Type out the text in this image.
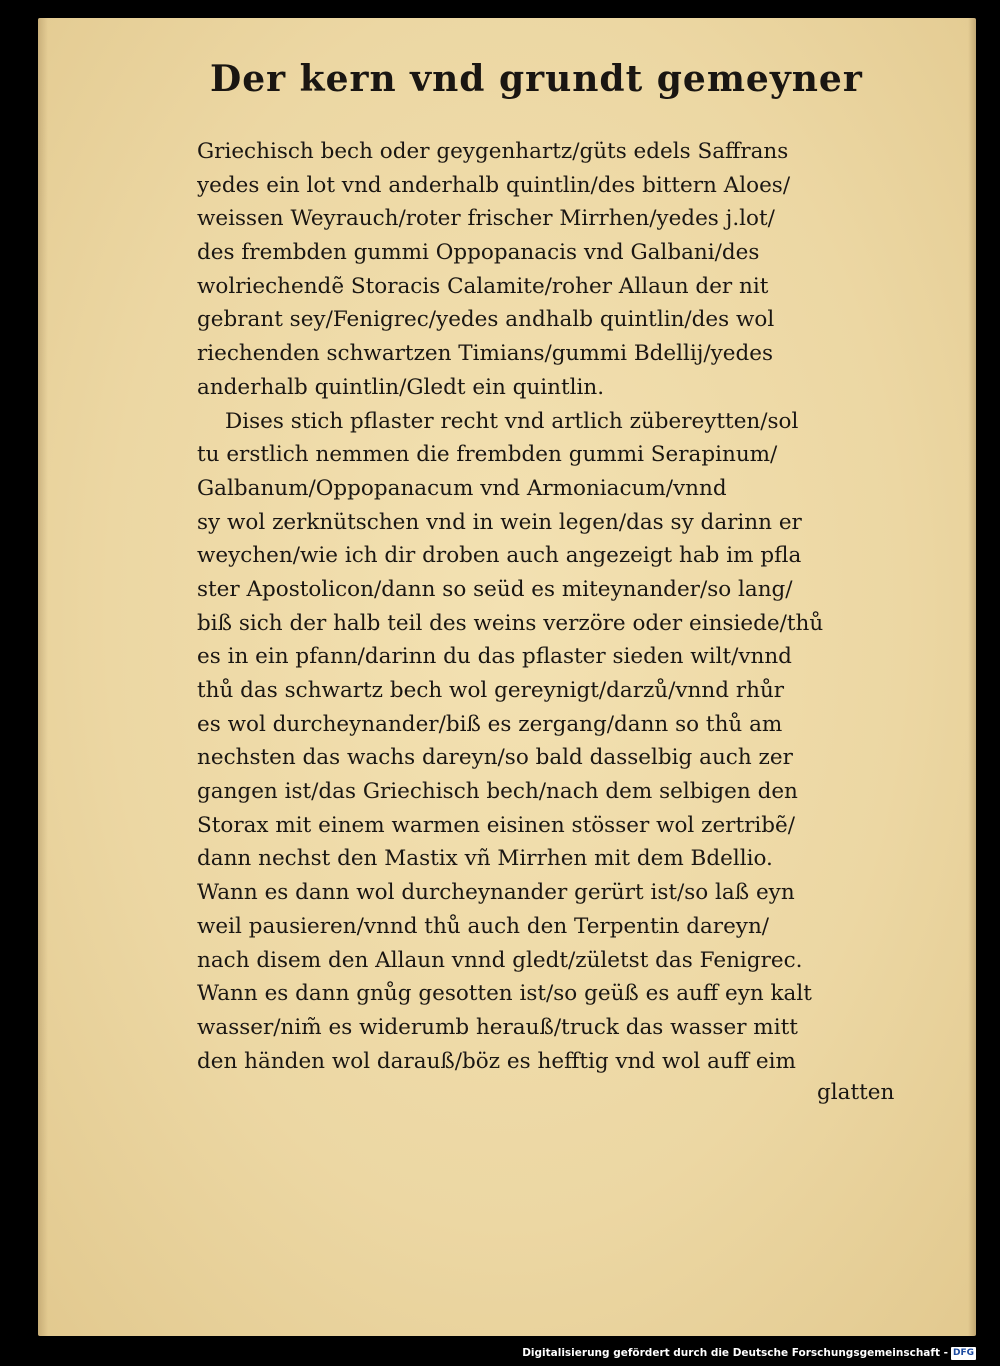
Der kern vnd grundt gemeyner
Griechisch bech oder geygenhartz/güts edels Saffrans
yedes ein lot vnd anderhalb quintlin/des bittern Aloes/
weissen Weyrauch/roter frischer Mirrhen/yedes j.lot/
des frembden gummi Oppopanacis vnd Galbani/des
wolriechendẽ Storacis Calamite/roher Allaun der nit
gebrant sey/Fenigrec/yedes andhalb quintlin/des wol
riechenden schwartzen Timians/gummi Bdellij/yedes
anderhalb quintlin/Gledt ein quintlin.
Dises stich pflaster recht vnd artlich zübereytten/sol
tu erstlich nemmen die frembden gummi Serapinum/
Galbanum/Oppopanacum vnd Armoniacum/vnnd
sy wol zerknütschen vnd in wein legen/das sy darinn er
weychen/wie ich dir droben auch angezeigt hab im pfla
ster Apostolicon/dann so seüd es miteynander/so lang/
biß sich der halb teil des weins verzöre oder einsiede/thů
es in ein pfann/darinn du das pflaster sieden wilt/vnnd
thů das schwartz bech wol gereynigt/darzů/vnnd rhůr
es wol durcheynander/biß es zergang/dann so thů am
nechsten das wachs dareyn/so bald dasselbig auch zer
gangen ist/das Griechisch bech/nach dem selbigen den
Storax mit einem warmen eisinen stösser wol zertribẽ/
dann nechst den Mastix vñ Mirrhen mit dem Bdellio.
Wann es dann wol durcheynander gerürt ist/so laß eyn
weil pausieren/vnnd thů auch den Terpentin dareyn/
nach disem den Allaun vnnd gledt/zületst das Fenigrec.
Wann es dann gnůg gesotten ist/so geüß es auff eyn kalt
wasser/nim̃ es widerumb herauß/truck das wasser mitt
den händen wol darauß/böz es hefftig vnd wol auff eim
glatten
Digitalisierung gefördert durch die Deutsche Forschungsgemeinschaft - DFG
